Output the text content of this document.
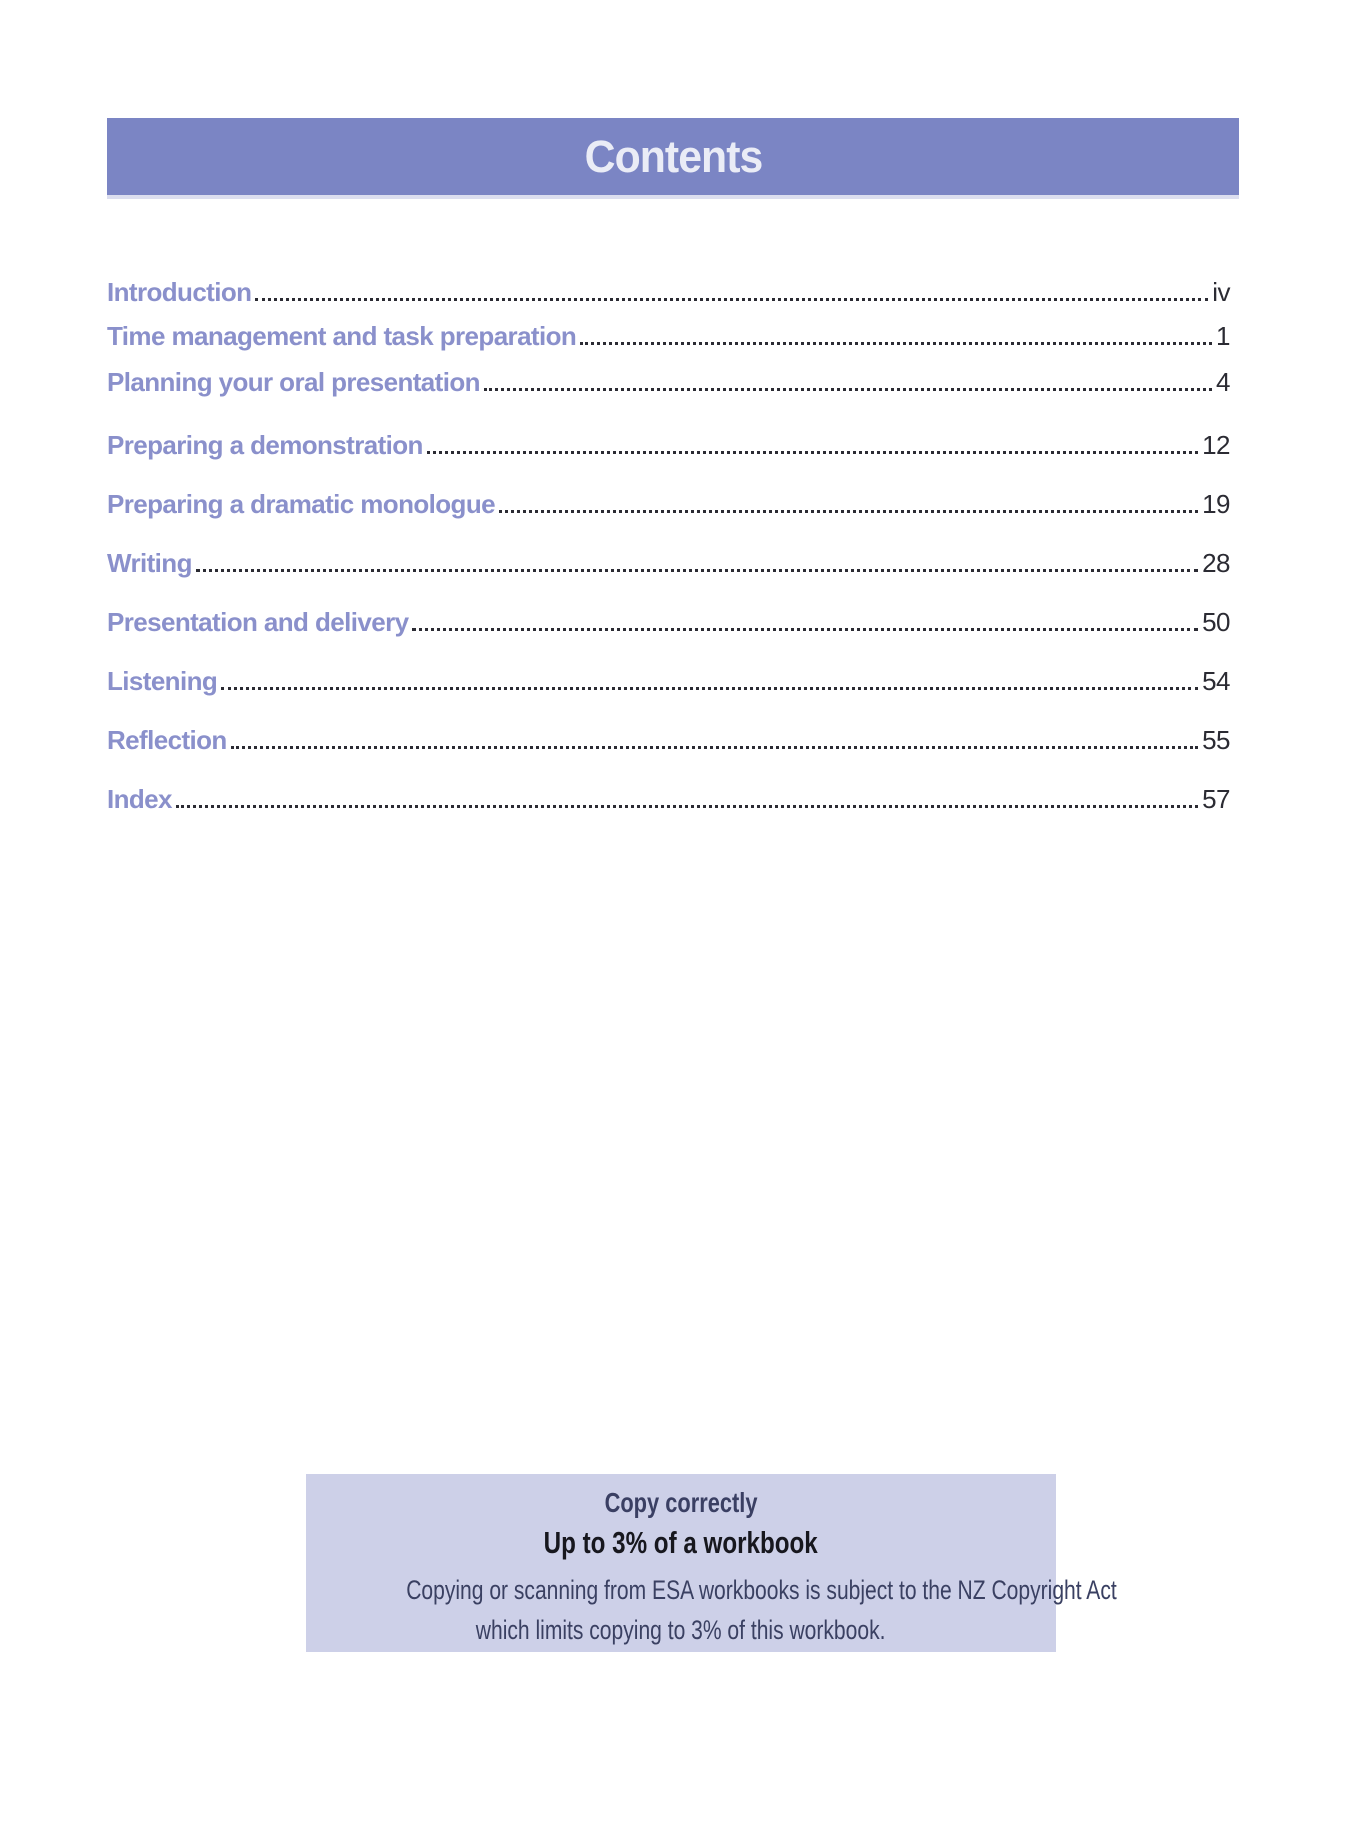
Contents
Introduction	iv
Time management and task preparation	1
Planning your oral presentation	4
Preparing a demonstration	12
Preparing a dramatic monologue	19
Writing	28
Presentation and delivery	50
Listening	54
Reflection	55
Index	57
Copy correctly
Up to 3% of a workbook
Copying or scanning from ESA workbooks is subject to the NZ Copyright Act
which limits copying to 3% of this workbook.
